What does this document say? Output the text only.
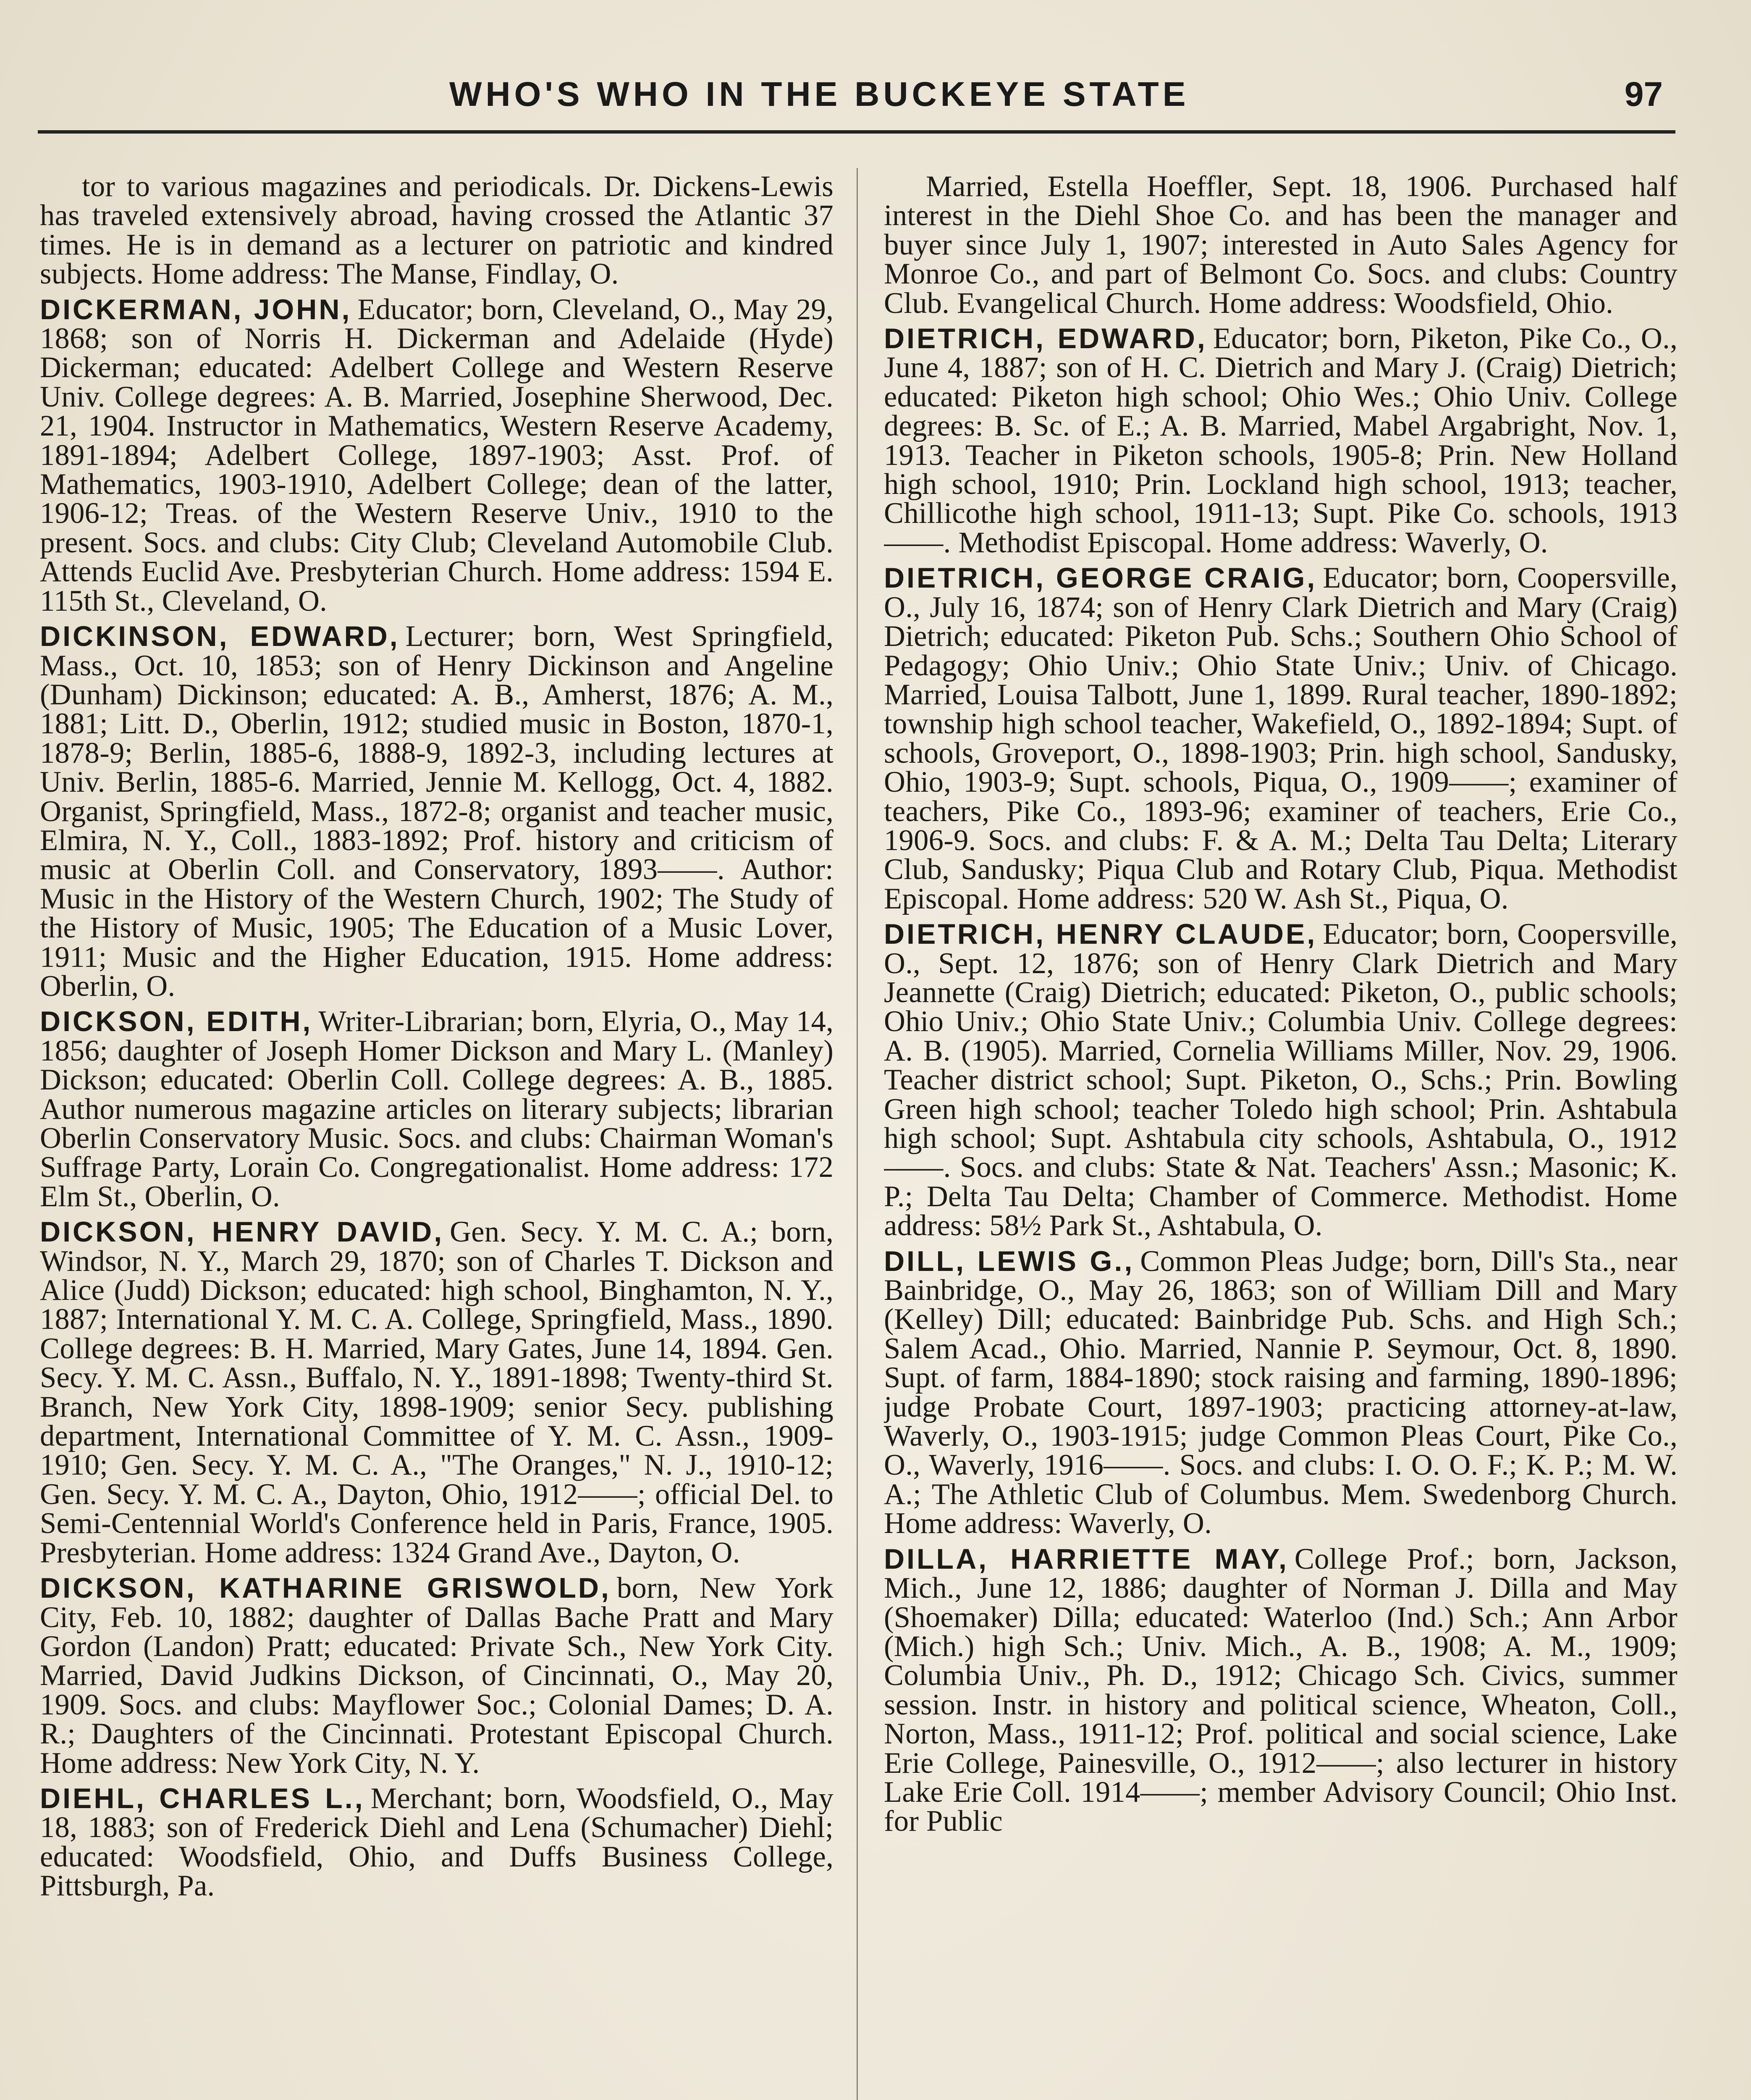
WHO'S WHO IN THE BUCKEYE STATE	97

tor to various magazines and periodicals. Dr. Dickens-Lewis has traveled extensively abroad, having crossed the Atlantic 37 times. He is in demand as a lecturer on patriotic and kindred subjects. Home address: The Manse, Findlay, O.

DICKERMAN, JOHN, Educator; born, Cleveland, O., May 29, 1868; son of Norris H. Dickerman and Adelaide (Hyde) Dickerman; educated: Adelbert College and Western Reserve Univ. College degrees: A. B. Married, Josephine Sherwood, Dec. 21, 1904. Instructor in Mathematics, Western Reserve Academy, 1891-1894; Adelbert College, 1897-1903; Asst. Prof. of Mathematics, 1903-1910, Adelbert College; dean of the latter, 1906-12; Treas. of the Western Reserve Univ., 1910 to the present. Socs. and clubs: City Club; Cleveland Automobile Club. Attends Euclid Ave. Presbyterian Church. Home address: 1594 E. 115th St., Cleveland, O.

DICKINSON, EDWARD, Lecturer; born, West Springfield, Mass., Oct. 10, 1853; son of Henry Dickinson and Angeline (Dunham) Dickinson; educated: A. B., Amherst, 1876; A. M., 1881; Litt. D., Oberlin, 1912; studied music in Boston, 1870-1, 1878-9; Berlin, 1885-6, 1888-9, 1892-3, including lectures at Univ. Berlin, 1885-6. Married, Jennie M. Kellogg, Oct. 4, 1882. Organist, Springfield, Mass., 1872-8; organist and teacher music, Elmira, N. Y., Coll., 1883-1892; Prof. history and criticism of music at Oberlin Coll. and Conservatory, 1893——. Author: Music in the History of the Western Church, 1902; The Study of the History of Music, 1905; The Education of a Music Lover, 1911; Music and the Higher Education, 1915. Home address: Oberlin, O.

DICKSON, EDITH, Writer-Librarian; born, Elyria, O., May 14, 1856; daughter of Joseph Homer Dickson and Mary L. (Manley) Dickson; educated: Oberlin Coll. College degrees: A. B., 1885. Author numerous magazine articles on literary subjects; librarian Oberlin Conservatory Music. Socs. and clubs: Chairman Woman's Suffrage Party, Lorain Co. Congregationalist. Home address: 172 Elm St., Oberlin, O.

DICKSON, HENRY DAVID, Gen. Secy. Y. M. C. A.; born, Windsor, N. Y., March 29, 1870; son of Charles T. Dickson and Alice (Judd) Dickson; educated: high school, Binghamton, N. Y., 1887; International Y. M. C. A. College, Springfield, Mass., 1890. College degrees: B. H. Married, Mary Gates, June 14, 1894. Gen. Secy. Y. M. C. Assn., Buffalo, N. Y., 1891-1898; Twenty-third St. Branch, New York City, 1898-1909; senior Secy. publishing department, International Committee of Y. M. C. Assn., 1909-1910; Gen. Secy. Y. M. C. A., "The Oranges," N. J., 1910-12; Gen. Secy. Y. M. C. A., Dayton, Ohio, 1912——; official Del. to Semi-Centennial World's Conference held in Paris, France, 1905. Presbyterian. Home address: 1324 Grand Ave., Dayton, O.

DICKSON, KATHARINE GRISWOLD, born, New York City, Feb. 10, 1882; daughter of Dallas Bache Pratt and Mary Gordon (Landon) Pratt; educated: Private Sch., New York City. Married, David Judkins Dickson, of Cincinnati, O., May 20, 1909. Socs. and clubs: Mayflower Soc.; Colonial Dames; D. A. R.; Daughters of the Cincinnati. Protestant Episcopal Church. Home address: New York City, N. Y.

DIEHL, CHARLES L., Merchant; born, Woodsfield, O., May 18, 1883; son of Frederick Diehl and Lena (Schumacher) Diehl; educated: Woodsfield, Ohio, and Duffs Business College, Pittsburgh, Pa.

Married, Estella Hoeffler, Sept. 18, 1906. Purchased half interest in the Diehl Shoe Co. and has been the manager and buyer since July 1, 1907; interested in Auto Sales Agency for Monroe Co., and part of Belmont Co. Socs. and clubs: Country Club. Evangelical Church. Home address: Woodsfield, Ohio.

DIETRICH, EDWARD, Educator; born, Piketon, Pike Co., O., June 4, 1887; son of H. C. Dietrich and Mary J. (Craig) Dietrich; educated: Piketon high school; Ohio Wes.; Ohio Univ. College degrees: B. Sc. of E.; A. B. Married, Mabel Argabright, Nov. 1, 1913. Teacher in Piketon schools, 1905-8; Prin. New Holland high school, 1910; Prin. Lockland high school, 1913; teacher, Chillicothe high school, 1911-13; Supt. Pike Co. schools, 1913——. Methodist Episcopal. Home address: Waverly, O.

DIETRICH, GEORGE CRAIG, Educator; born, Coopersville, O., July 16, 1874; son of Henry Clark Dietrich and Mary (Craig) Dietrich; educated: Piketon Pub. Schs.; Southern Ohio School of Pedagogy; Ohio Univ.; Ohio State Univ.; Univ. of Chicago. Married, Louisa Talbott, June 1, 1899. Rural teacher, 1890-1892; township high school teacher, Wakefield, O., 1892-1894; Supt. of schools, Groveport, O., 1898-1903; Prin. high school, Sandusky, Ohio, 1903-9; Supt. schools, Piqua, O., 1909——; examiner of teachers, Pike Co., 1893-96; examiner of teachers, Erie Co., 1906-9. Socs. and clubs: F. & A. M.; Delta Tau Delta; Literary Club, Sandusky; Piqua Club and Rotary Club, Piqua. Methodist Episcopal. Home address: 520 W. Ash St., Piqua, O.

DIETRICH, HENRY CLAUDE, Educator; born, Coopersville, O., Sept. 12, 1876; son of Henry Clark Dietrich and Mary Jeannette (Craig) Dietrich; educated: Piketon, O., public schools; Ohio Univ.; Ohio State Univ.; Columbia Univ. College degrees: A. B. (1905). Married, Cornelia Williams Miller, Nov. 29, 1906. Teacher district school; Supt. Piketon, O., Schs.; Prin. Bowling Green high school; teacher Toledo high school; Prin. Ashtabula high school; Supt. Ashtabula city schools, Ashtabula, O., 1912——. Socs. and clubs: State & Nat. Teachers' Assn.; Masonic; K. P.; Delta Tau Delta; Chamber of Commerce. Methodist. Home address: 58½ Park St., Ashtabula, O.

DILL, LEWIS G., Common Pleas Judge; born, Dill's Sta., near Bainbridge, O., May 26, 1863; son of William Dill and Mary (Kelley) Dill; educated: Bainbridge Pub. Schs. and High Sch.; Salem Acad., Ohio. Married, Nannie P. Seymour, Oct. 8, 1890. Supt. of farm, 1884-1890; stock raising and farming, 1890-1896; judge Probate Court, 1897-1903; practicing attorney-at-law, Waverly, O., 1903-1915; judge Common Pleas Court, Pike Co., O., Waverly, 1916——. Socs. and clubs: I. O. O. F.; K. P.; M. W. A.; The Athletic Club of Columbus. Mem. Swedenborg Church. Home address: Waverly, O.

DILLA, HARRIETTE MAY, College Prof.; born, Jackson, Mich., June 12, 1886; daughter of Norman J. Dilla and May (Shoemaker) Dilla; educated: Waterloo (Ind.) Sch.; Ann Arbor (Mich.) high Sch.; Univ. Mich., A. B., 1908; A. M., 1909; Columbia Univ., Ph. D., 1912; Chicago Sch. Civics, summer session. Instr. in history and political science, Wheaton, Coll., Norton, Mass., 1911-12; Prof. political and social science, Lake Erie College, Painesville, O., 1912——; also lecturer in history Lake Erie Coll. 1914——; member Advisory Council; Ohio Inst. for Public
